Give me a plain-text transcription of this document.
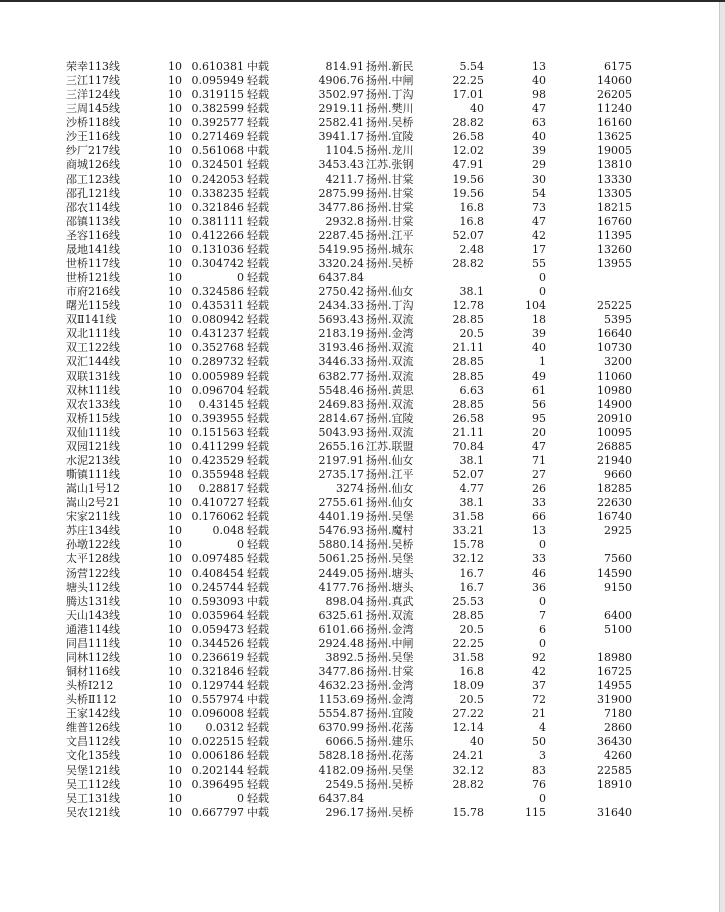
荣幸113线	10 0.610381 中载	814.91 扬州.新民	5.54	13	6175
三江117线	10 0.095949 轻载	4906.76 扬州.中闸	22.25	40	14060
三洋124线	10 0.319115 轻载	3502.97 扬州.丁沟	17.01	98	26205
三周145线	10 0.382599 轻载	2919.11 扬州.樊川	40	47	11240
沙桥118线	10 0.392577 轻载	2582.41 扬州.吴桥	28.82	63	16160
沙王116线	10 0.271469 轻载	3941.17 扬州.宜陵	26.58	40	13625
纱厂217线	10 0.561068 中载	1104.5 扬州.龙川	12.02	39	19005
商城126线	10 0.324501 轻载	3453.43 江苏.张钢	47.91	29	13810
邵工123线	10 0.242053 轻载	4211.7 扬州.甘棠	19.56	30	13330
邵孔121线	10 0.338235 轻载	2875.99 扬州.甘棠	19.56	54	13305
邵农114线	10 0.321846 轻载	3477.86 扬州.甘棠	16.8	73	18215
邵镇113线	10 0.381111 轻载	2932.8 扬州.甘棠	16.8	47	16760
圣容116线	10 0.412266 轻载	2287.45 扬州.江平	52.07	42	11395
晟地141线	10 0.131036 轻载	5419.95 扬州.城东	2.48	17	13260
世桥117线	10 0.304742 轻载	3320.24 扬州.吴桥	28.82	55	13955
世桥121线	10	0 轻载	6437.84	0
市府216线	10 0.324586 轻载	2750.42 扬州.仙女	38.1	0
曙光115线	10 0.435311 轻载	2434.33 扬州.丁沟	12.78	104	25225
双Ⅱ141线	10 0.080942 轻载	5693.43 扬州.双流	28.85	18	5395
双北111线	10 0.431237 轻载	2183.19 扬州.金湾	20.5	39	16640
双工122线	10 0.352768 轻载	3193.46 扬州.双流	21.11	40	10730
双汇144线	10 0.289732 轻载	3446.33 扬州.双流	28.85	1	3200
双联131线	10 0.005989 轻载	6382.77 扬州.双流	28.85	49	11060
双林111线	10 0.096704 轻载	5548.46 扬州.黄思	6.63	61	10980
双农133线	10	0.43145 轻载	2469.83 扬州.双流	28.85	56	14900
双桥115线	10 0.393955 轻载	2814.67 扬州.宜陵	26.58	95	20910
双仙111线	10 0.151563 轻载	5043.93 扬州.双流	21.11	20	10095
双园121线	10 0.411299 轻载	2655.16 江苏.联盟	70.84	47	26885
水泥213线	10 0.423529 轻载	2197.91 扬州.仙女	38.1	71	21940
嘶镇111线	10 0.355948 轻载	2735.17 扬州.江平	52.07	27	9660
嵩山1号12	10	0.28817 轻载	3274 扬州.仙女	4.77	26	18285
嵩山2号21	10 0.410727 轻载	2755.61 扬州.仙女	38.1	33	22630
宋家211线	10 0.176062 轻载	4401.19 扬州.吴堡	31.58	66	16740
苏庄134线	10	0.048 轻载	5476.93 扬州.魔村	33.21	13	2925
孙墩122线	10	0 轻载	5880.14 扬州.吴桥	15.78	0
太平128线	10 0.097485 轻载	5061.25 扬州.吴堡	32.12	33	7560
汤营122线	10 0.408454 轻载	2449.05 扬州.塘头	16.7	46	14590
塘头112线	10 0.245744 轻载	4177.76 扬州.塘头	16.7	36	9150
腾达131线	10 0.593093 中载	898.04 扬州.真武	25.53	0
天山143线	10 0.035964 轻载	6325.61 扬州.双流	28.85	7	6400
通港114线	10 0.059473 轻载	6101.66 扬州.金湾	20.5	6	5100
同昌111线	10 0.344526 轻载	2924.48 扬州.中闸	22.25	0
同林112线	10 0.236619 轻载	3892.5 扬州.吴堡	31.58	92	18980
铜材116线	10 0.321846 轻载	3477.86 扬州.甘棠	16.8	42	16725
头桥Ⅰ212	10 0.129744 轻载	4632.23 扬州.金湾	18.09	37	14955
头桥Ⅱ112	10 0.557974 中载	1153.69 扬州.金湾	20.5	72	31900
王家142线	10 0.096008 轻载	5554.87 扬州.宜陵	27.22	21	7180
维普126线	10	0.0312 轻载	6370.99 扬州.花荡	12.14	4	2860
文昌112线	10 0.022515 轻载	6066.5 扬州.建乐	40	50	36430
文化135线	10 0.006186 轻载	5828.18 扬州.花荡	24.21	3	4260
吴堡121线	10 0.202144 轻载	4182.09 扬州.吴堡	32.12	83	22585
吴工112线	10 0.396495 轻载	2549.5 扬州.吴桥	28.82	76	18910
吴工131线	10	0 轻载	6437.84	0
吴农121线	10 0.667797 中载	296.17 扬州.吴桥	15.78	115	31640
